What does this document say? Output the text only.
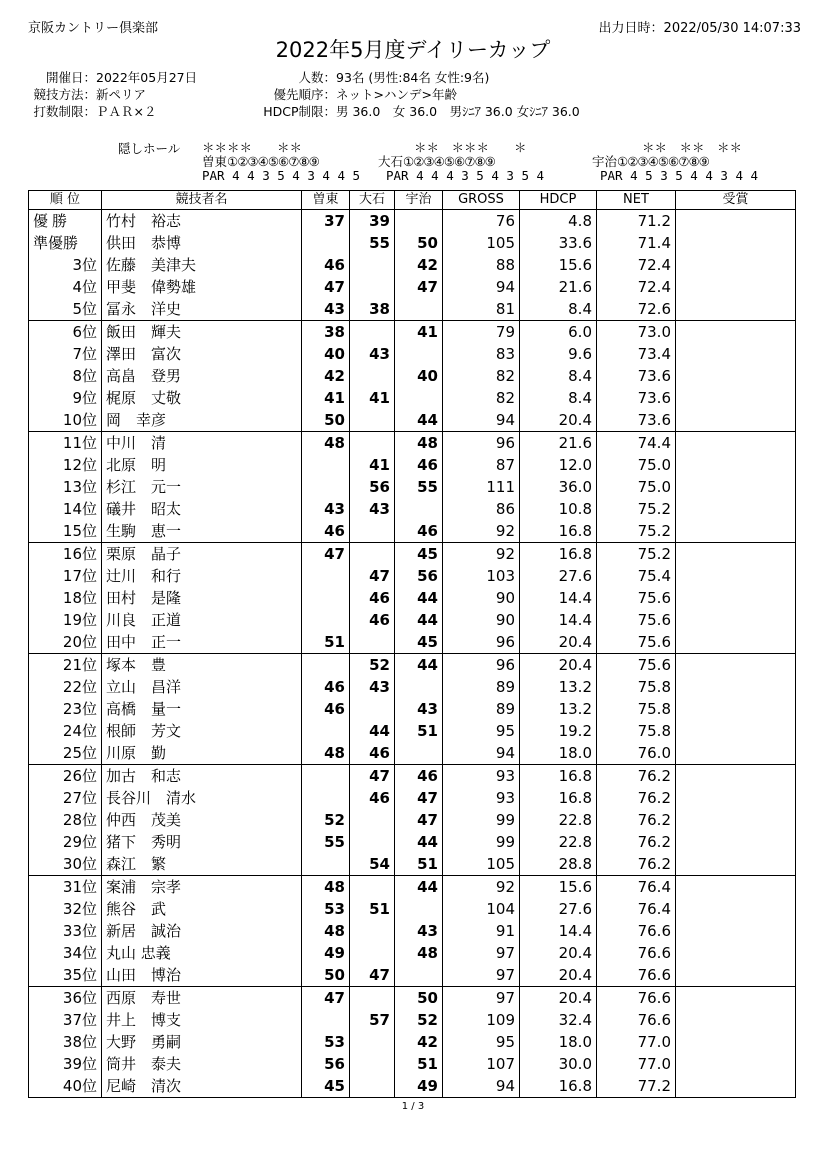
京阪カントリー倶楽部	出力日時：2022/05/30 14:07:33
2022年5月度デイリーカップ
開催日：2022年05月27日
競技方法：新ペリア
打数制限：ＰＡＲ×２
人数：93名 (男性:84名 女性:9名)
優先順序：ネット>ハンデ>年齢
HDCP制限：男 36.0　女 36.0　男ｼﾆｱ 36.0 女ｼﾆｱ 36.0
隠しホール ＊＊＊＊　　＊＊
曽東①②③④⑤⑥⑦⑧⑨
PAR 4 4 3 5 4 3 4 4 5
＊＊　＊＊＊　　＊
大石①②③④⑤⑥⑦⑧⑨
PAR 4 4 4 3 5 4 3 5 4
＊＊　＊＊　＊＊
宇治①②③④⑤⑥⑦⑧⑨
PAR 4 5 3 5 4 4 3 4 4
順 位	競技者名	曽東	大石	宇治	GROSS	HDCP	NET	受賞
優勝	竹村　裕志	37	39		76	4.8	71.2	
準優勝	供田　恭博		55	50	105	33.6	71.4	
3位	佐藤　美津夫	46		42	88	15.6	72.4	
4位	甲斐　偉勢雄	47		47	94	21.6	72.4	
5位	冨永　洋史	43	38		81	8.4	72.6	
6位	飯田　輝夫	38		41	79	6.0	73.0	
7位	澤田　富次	40	43		83	9.6	73.4	
8位	高畠　登男	42		40	82	8.4	73.6	
9位	梶原　丈敬	41	41		82	8.4	73.6	
10位	岡　幸彦	50		44	94	20.4	73.6	
11位	中川　清	48		48	96	21.6	74.4	
12位	北原　明		41	46	87	12.0	75.0	
13位	杉江　元一		56	55	111	36.0	75.0	
14位	礒井　昭太	43	43		86	10.8	75.2	
15位	生駒　恵一	46		46	92	16.8	75.2	
16位	栗原　晶子	47		45	92	16.8	75.2	
17位	辻川　和行		47	56	103	27.6	75.4	
18位	田村　是隆		46	44	90	14.4	75.6	
19位	川良　正道		46	44	90	14.4	75.6	
20位	田中　正一	51		45	96	20.4	75.6	
21位	塚本　豊		52	44	96	20.4	75.6	
22位	立山　昌洋	46	43		89	13.2	75.8	
23位	高橋　量一	46		43	89	13.2	75.8	
24位	根師　芳文		44	51	95	19.2	75.8	
25位	川原　勤	48	46		94	18.0	76.0	
26位	加古　和志		47	46	93	16.8	76.2	
27位	長谷川　清水		46	47	93	16.8	76.2	
28位	仲西　茂美	52		47	99	22.8	76.2	
29位	猪下　秀明	55		44	99	22.8	76.2	
30位	森江　繁		54	51	105	28.8	76.2	
31位	案浦　宗孝	48		44	92	15.6	76.4	
32位	熊谷　武	53	51		104	27.6	76.4	
33位	新居　誠治	48		43	91	14.4	76.6	
34位	丸山 忠義	49		48	97	20.4	76.6	
35位	山田　博治	50	47		97	20.4	76.6	
36位	西原　寿世	47		50	97	20.4	76.6	
37位	井上　博支		57	52	109	32.4	76.6	
38位	大野　勇嗣	53		42	95	18.0	77.0	
39位	筒井　泰夫	56		51	107	30.0	77.0	
40位	尼崎　清次	45		49	94	16.8	77.2	
1 / 3
